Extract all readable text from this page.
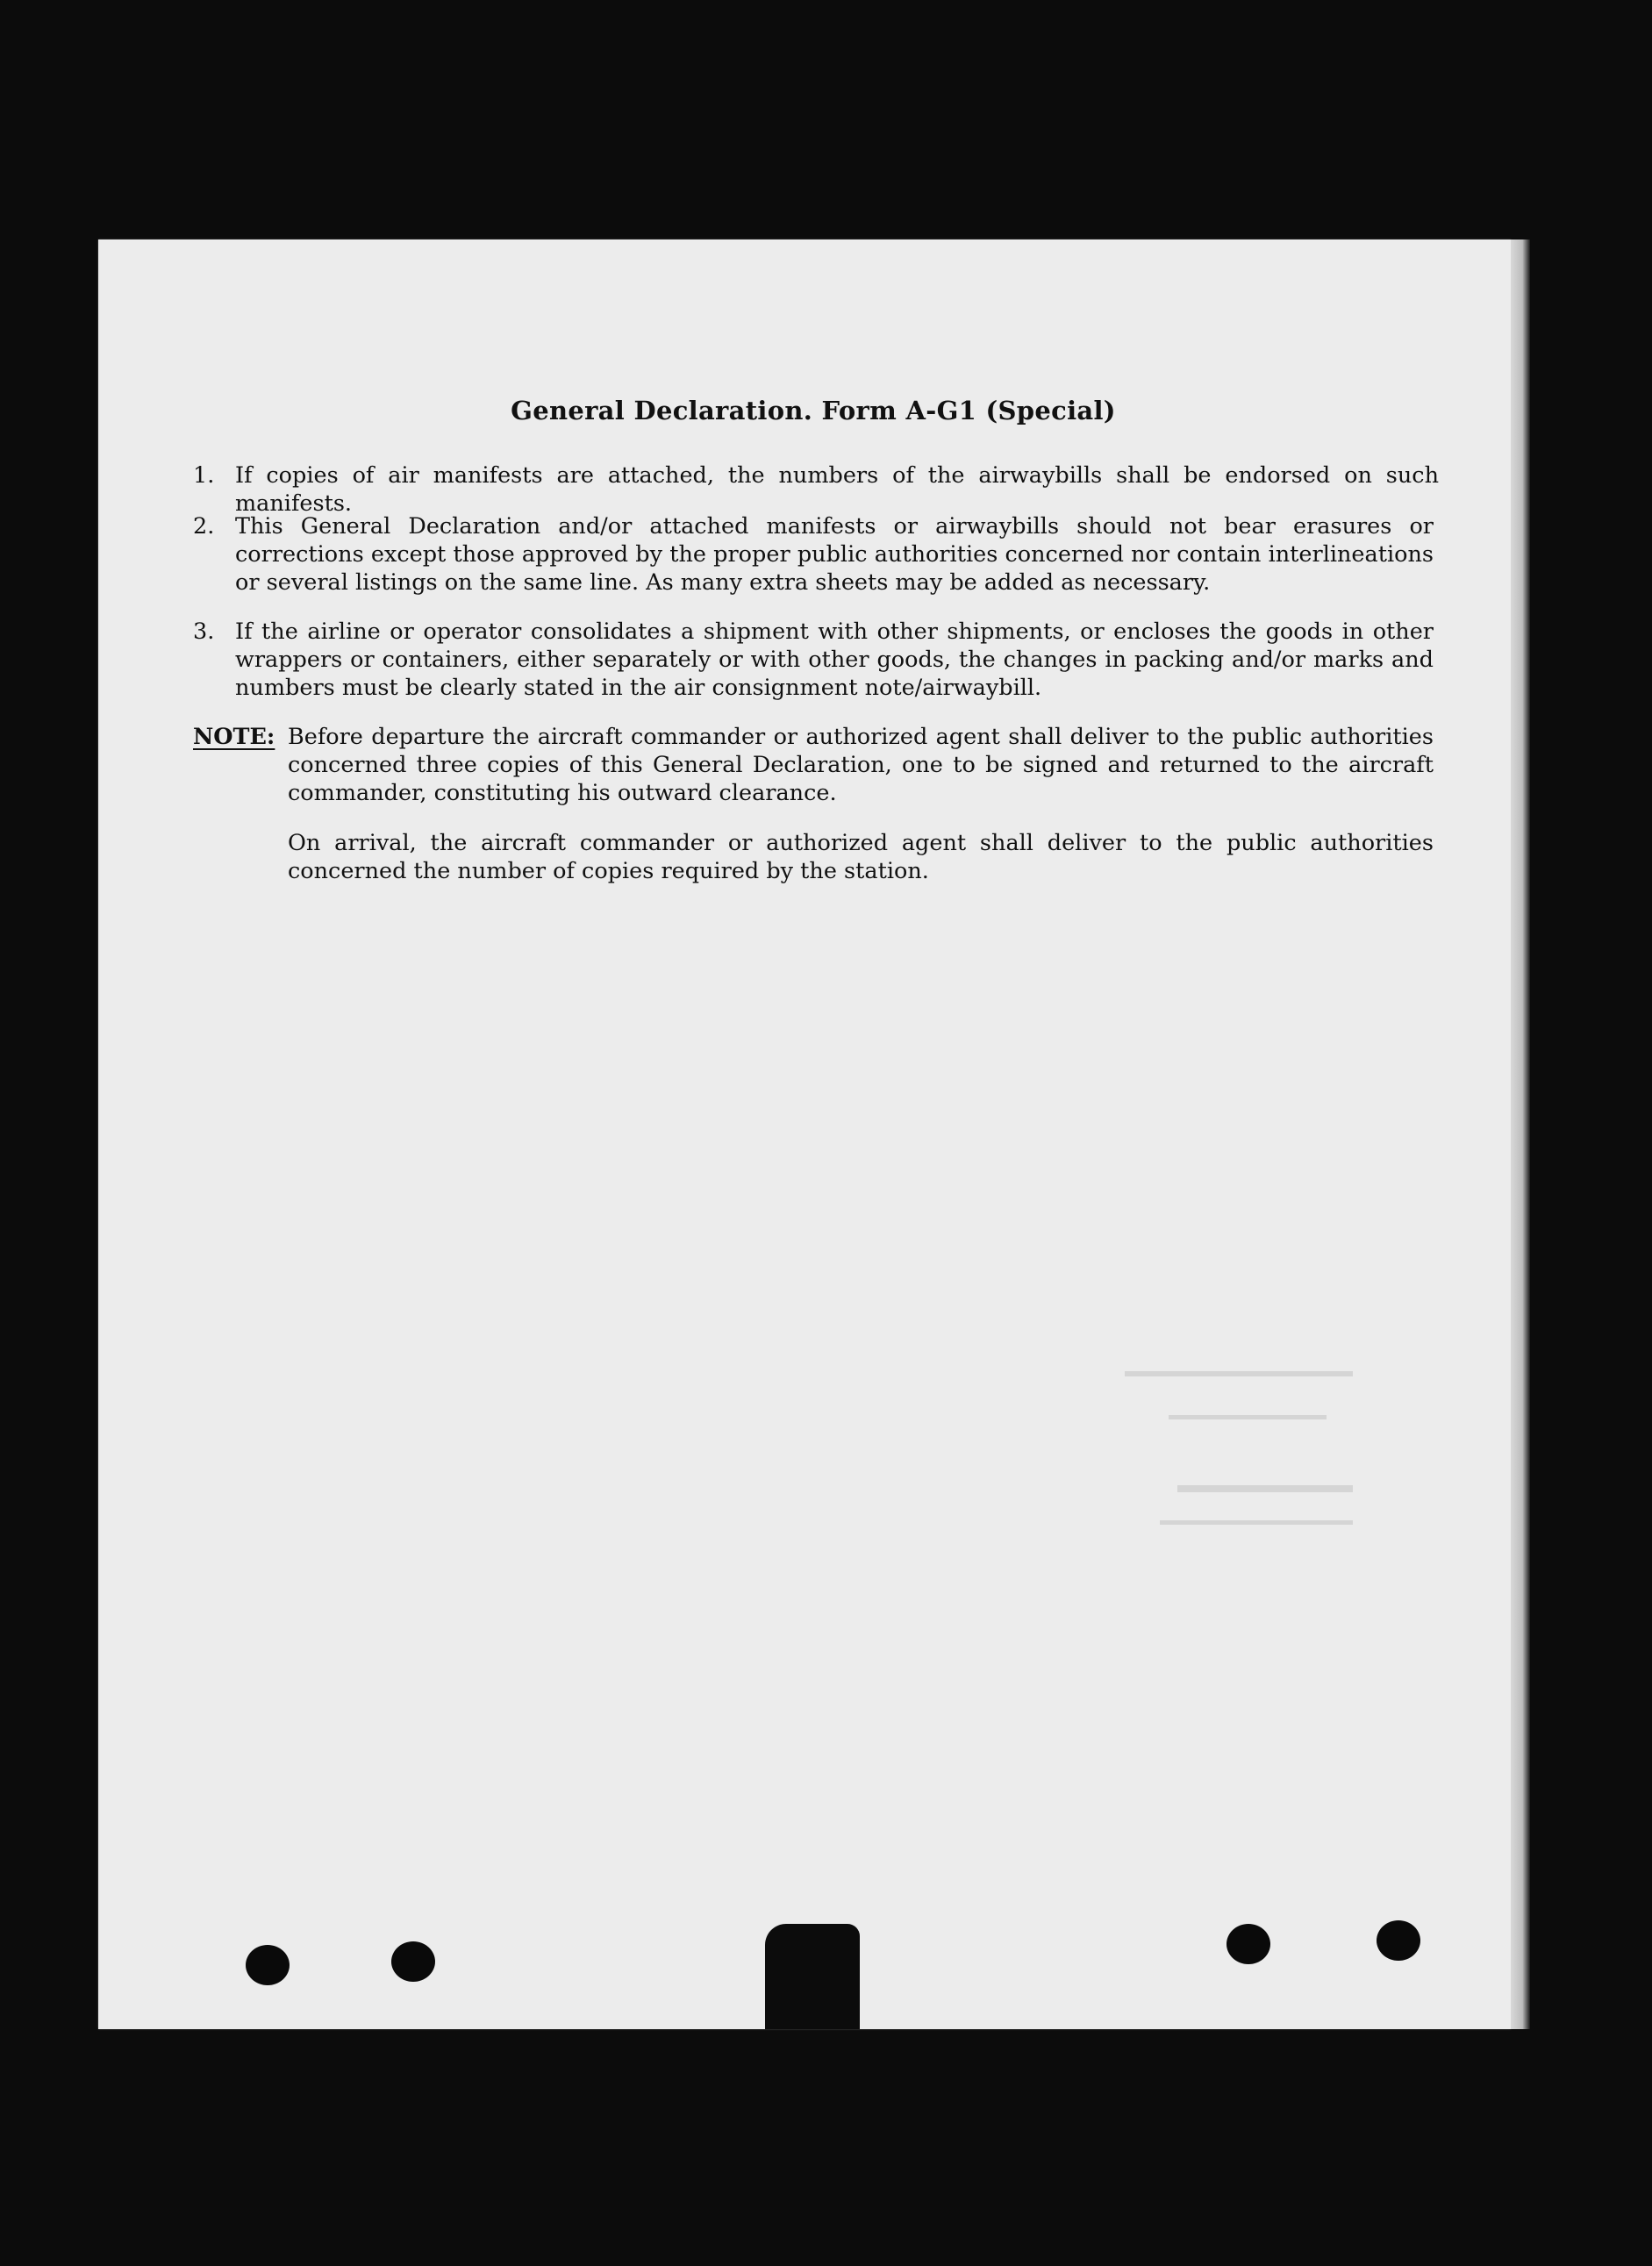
General Declaration. Form A-G1 (Special)
1. If copies of air manifests are attached, the numbers of the airwaybills shall be endorsed on such manifests.
2. This General Declaration and/or attached manifests or airwaybills should not bear erasures or corrections except those approved by the proper public authorities concerned nor contain interlineations or several listings on the same line. As many extra sheets may be added as necessary.
3. If the airline or operator consolidates a shipment with other shipments, or encloses the goods in other wrappers or containers, either separately or with other goods, the changes in packing and/or marks and numbers must be clearly stated in the air consignment note/airwaybill.
NOTE: Before departure the aircraft commander or authorized agent shall deliver to the public authorities concerned three copies of this General Declaration, one to be signed and returned to the aircraft commander, constituting his outward clearance.
On arrival, the aircraft commander or authorized agent shall deliver to the public authorities concerned the number of copies required by the station.
